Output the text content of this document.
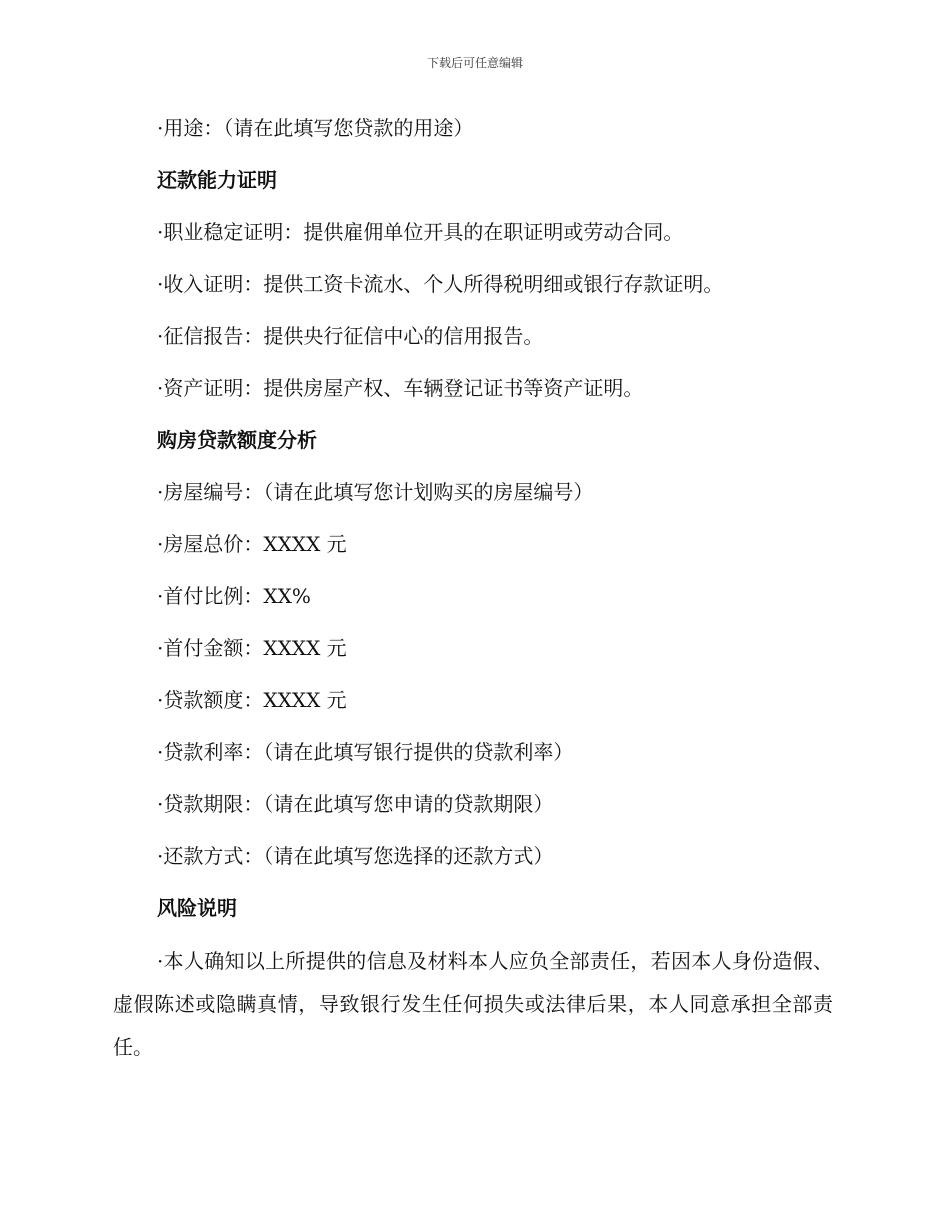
下载后可任意编辑
·用途：（请在此填写您贷款的用途）
还款能力证明
·职业稳定证明：提供雇佣单位开具的在职证明或劳动合同。
·收入证明：提供工资卡流水、个人所得税明细或银行存款证明。
·征信报告：提供央行征信中心的信用报告。
·资产证明：提供房屋产权、车辆登记证书等资产证明。
购房贷款额度分析
·房屋编号：（请在此填写您计划购买的房屋编号）
·房屋总价：XXXX 元
·首付比例：XX%
·首付金额：XXXX 元
·贷款额度：XXXX 元
·贷款利率：（请在此填写银行提供的贷款利率）
·贷款期限：（请在此填写您申请的贷款期限）
·还款方式：（请在此填写您选择的还款方式）
风险说明

·本人确知以上所提供的信息及材料本人应负全部责任，若因本人身份造假、虚假陈述或隐瞒真情，导致银行发生任何损失或法律后果，本人同意承担全部责任。
